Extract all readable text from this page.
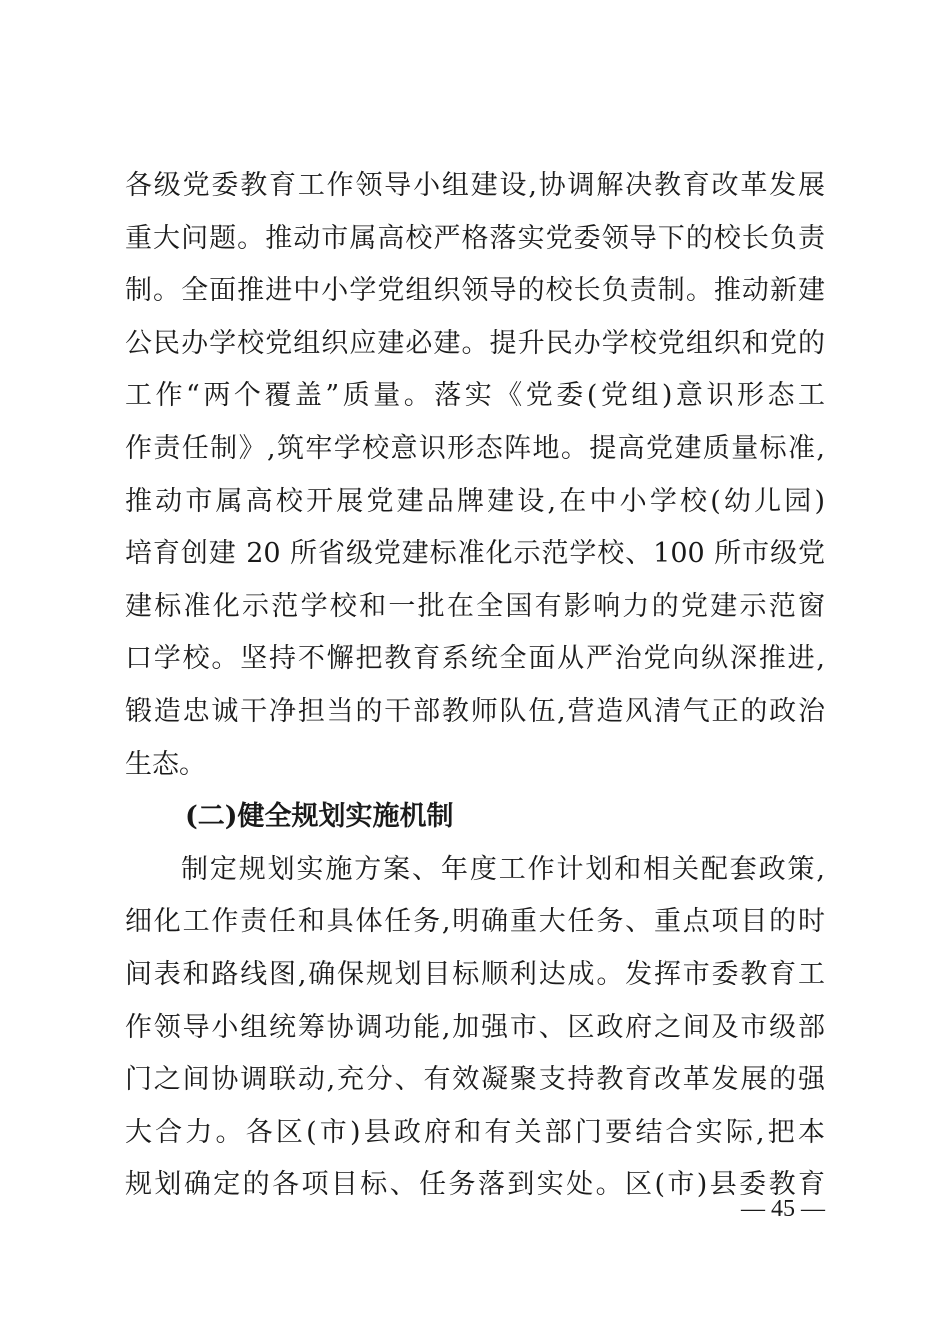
各级党委教育工作领导小组建设,协调解决教育改革发展
重大问题。推动市属高校严格落实党委领导下的校长负责
制。全面推进中小学党组织领导的校长负责制。推动新建
公民办学校党组织应建必建。提升民办学校党组织和党的
工作“两个覆盖”质量。落实《党委(党组)意识形态工
作责任制》,筑牢学校意识形态阵地。提高党建质量标准,
推动市属高校开展党建品牌建设,在中小学校(幼儿园)
培育创建 20 所省级党建标准化示范学校、100 所市级党
建标准化示范学校和一批在全国有影响力的党建示范窗
口学校。坚持不懈把教育系统全面从严治党向纵深推进,
锻造忠诚干净担当的干部教师队伍,营造风清气正的政治
生态。
(二)健全规划实施机制
制定规划实施方案、年度工作计划和相关配套政策,
细化工作责任和具体任务,明确重大任务、重点项目的时
间表和路线图,确保规划目标顺利达成。发挥市委教育工
作领导小组统筹协调功能,加强市、区政府之间及市级部
门之间协调联动,充分、有效凝聚支持教育改革发展的强
大合力。各区(市)县政府和有关部门要结合实际,把本
规划确定的各项目标、任务落到实处。区(市)县委教育
— 45 —
